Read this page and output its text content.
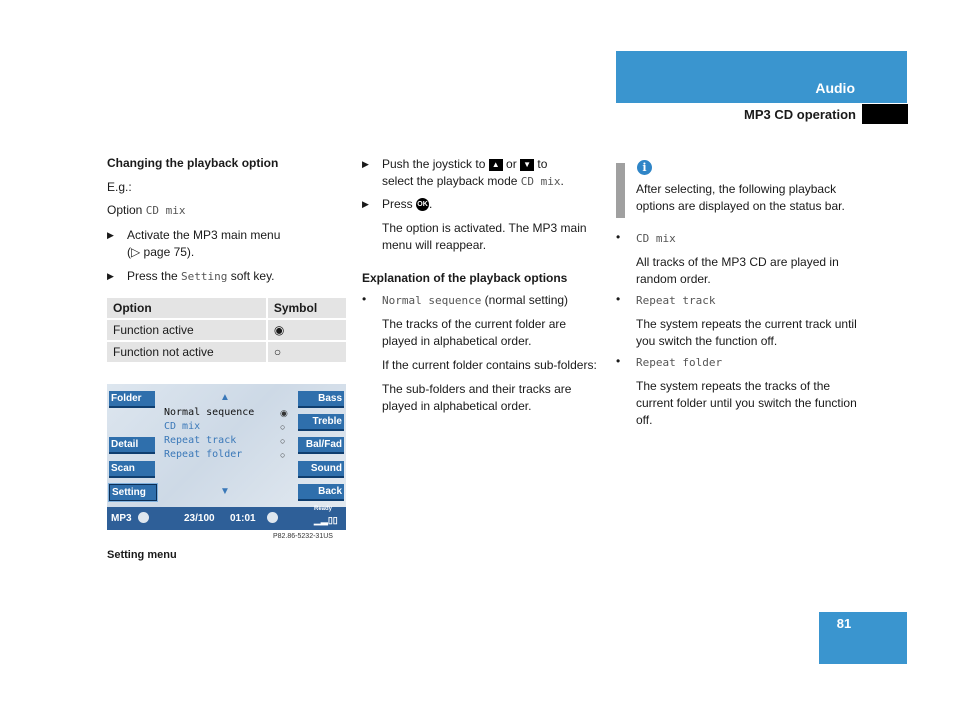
Audio
MP3 CD operation
Changing the playback option
E.g.:
Option CD mix
▶ Activate the MP3 main menu

(▷ page 75).

▶ Press the Setting soft key.

Option	Symbol

Function active	◉

Function not active	○
Folder
Detail
Scan
Setting
Bass
Treble
Bal/Fad
Sound
Back
▲
▼
Normal sequence
CD mix
Repeat track
Repeat folder
◉
○
○
○
MP3	23/100 01:01
Ready
▁▂▯▯
P82.86-5232-31US
Setting menu
▶ Push the joystick to ▲ or ▼ to

select the playback mode CD mix.

▶ Press OK.

The option is activated. The MP3 main menu will reappear.

Explanation of the playback options
• Normal sequence (normal setting)

The tracks of the current folder are played in alphabetical order.

If the current folder contains sub-folders:

The sub-folders and their tracks are played in alphabetical order.

i

After selecting, the following playback options are displayed on the status bar.

• CD mix

All tracks of the MP3 CD are played in random order.

• Repeat track

The system repeats the current track until you switch the function off.

• Repeat folder

The system repeats the tracks of the current folder until you switch the function off.

81
